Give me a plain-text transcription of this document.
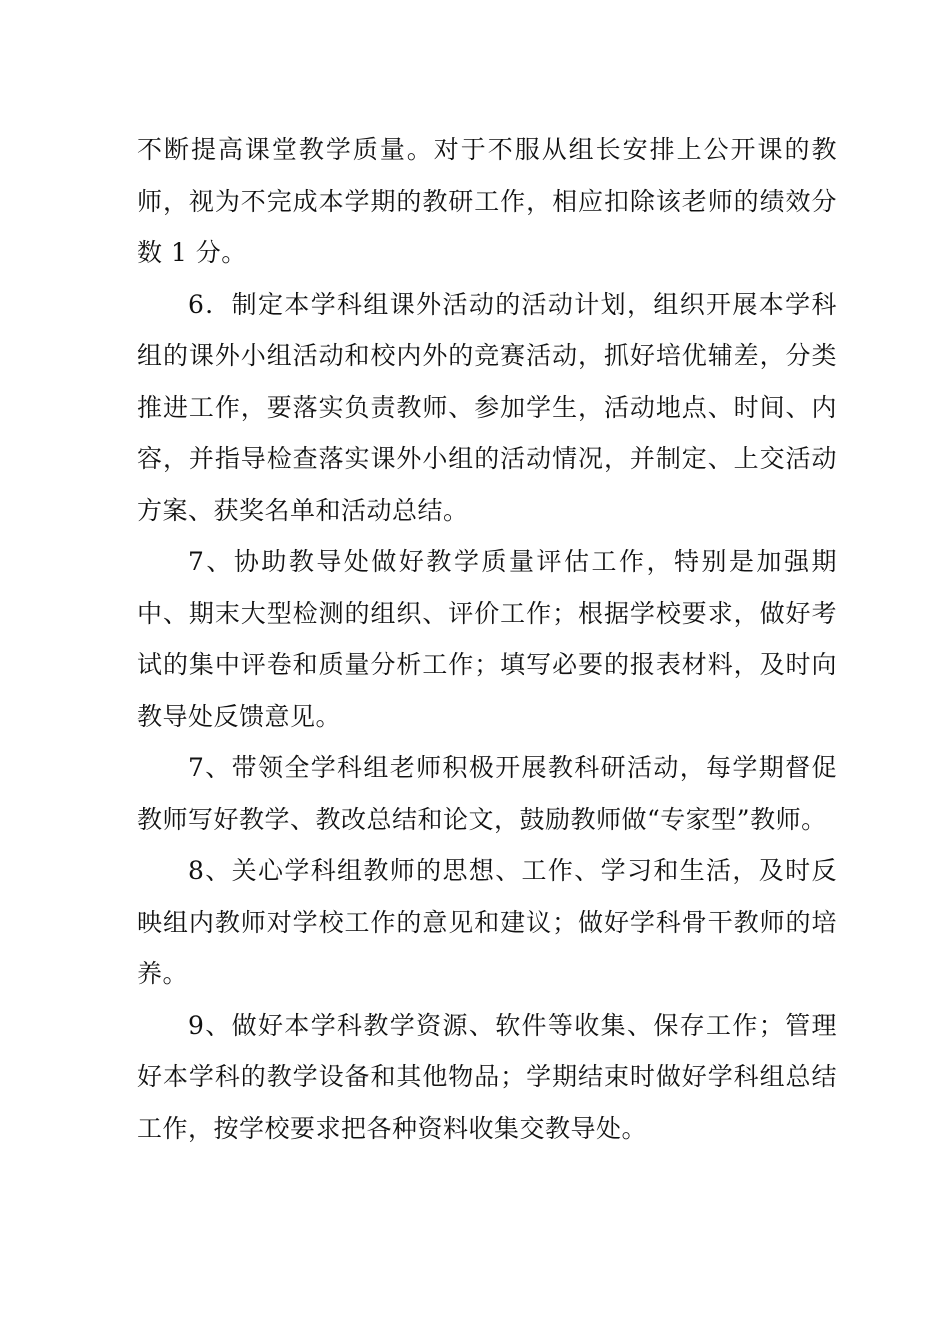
不断提高课堂教学质量。对于不服从组长安排上公开课的教师，视为不完成本学期的教研工作，相应扣除该老师的绩效分数 1 分。

6．制定本学科组课外活动的活动计划，组织开展本学科组的课外小组活动和校内外的竞赛活动，抓好培优辅差，分类推进工作，要落实负责教师、参加学生，活动地点、时间、内容，并指导检查落实课外小组的活动情况，并制定、上交活动方案、获奖名单和活动总结。

7、协助教导处做好教学质量评估工作，特别是加强期中、期末大型检测的组织、评价工作；根据学校要求，做好考试的集中评卷和质量分析工作；填写必要的报表材料，及时向教导处反馈意见。

7、带领全学科组老师积极开展教科研活动，每学期督促教师写好教学、教改总结和论文，鼓励教师做“专家型”教师。

8、关心学科组教师的思想、工作、学习和生活，及时反映组内教师对学校工作的意见和建议；做好学科骨干教师的培养。

9、做好本学科教学资源、软件等收集、保存工作；管理好本学科的教学设备和其他物品；学期结束时做好学科组总结工作，按学校要求把各种资料收集交教导处。
